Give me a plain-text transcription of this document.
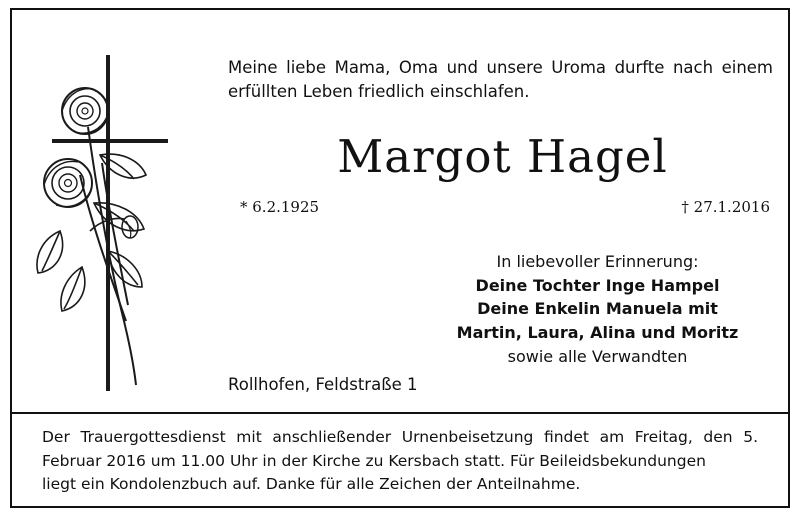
Meine liebe Mama, Oma und unsere Uroma durfte nach einem erfüllten Leben friedlich einschlafen.
Margot Hagel
* 6.2.1925	† 27.1.2016
In liebevoller Erinnerung:
Deine Tochter Inge Hampel
Deine Enkelin Manuela mit
Martin, Laura, Alina und Moritz
sowie alle Verwandten
Rollhofen, Feldstraße 1
Der Trauergottesdienst mit anschließender Urnenbeisetzung findet am Freitag, den 5. Februar 2016 um 11.00 Uhr in der Kirche zu Kersbach statt. Für Beileidsbekundungen
liegt ein Kondolenzbuch auf. Danke für alle Zeichen der Anteilnahme.
